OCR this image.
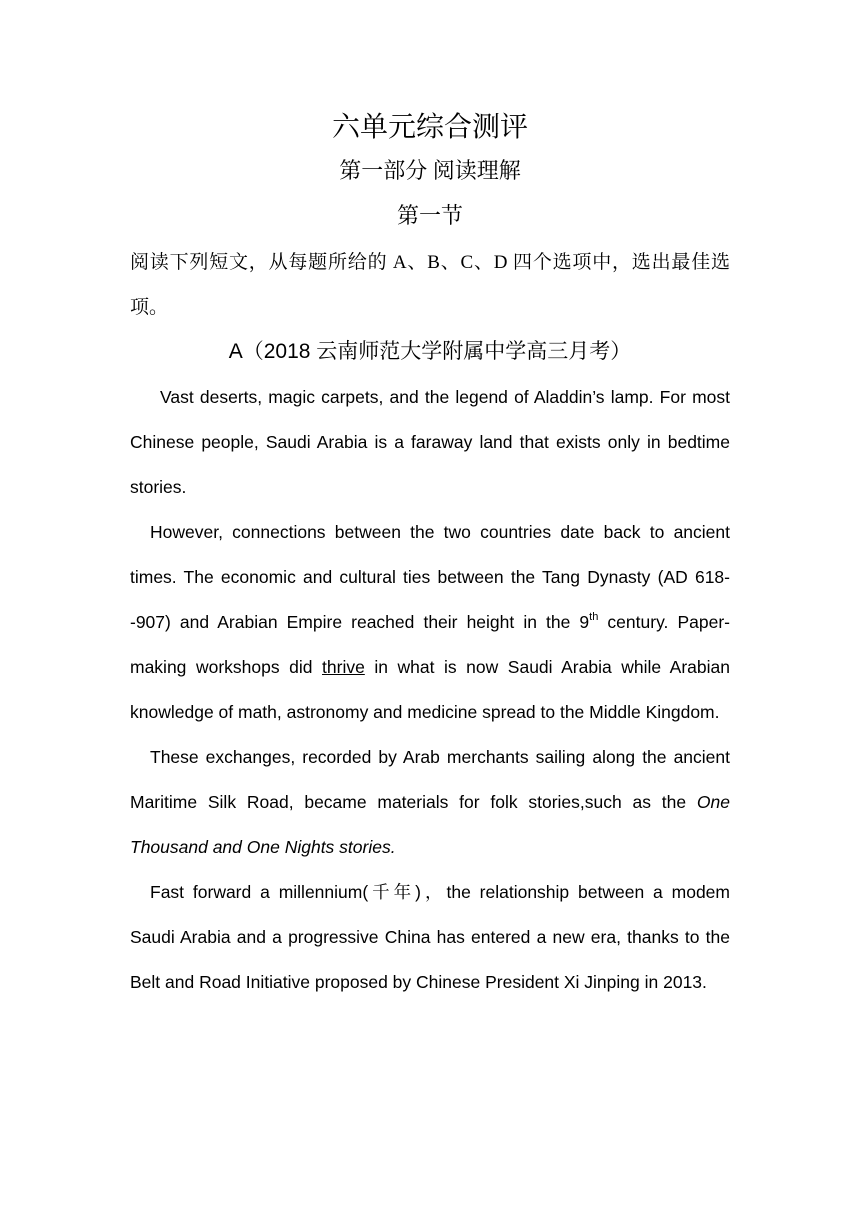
六单元综合测评
第一部分 阅读理解
第一节
阅读下列短文，从每题所给的 A、B、C、D 四个选项中，选出最佳选项。
A（2018 云南师范大学附属中学高三月考）

Vast deserts, magic carpets, and the legend of Aladdin’s lamp. For most Chinese people, Saudi Arabia is a faraway land that exists only in bedtime stories.

However, connections between the two countries date back to ancient times. The economic and cultural ties between the Tang Dynasty (AD 618--907) and Arabian Empire reached their height in the 9th century. Paper-making workshops did thrive in what is now Saudi Arabia while Arabian knowledge of math, astronomy and medicine spread to the Middle Kingdom.

These exchanges, recorded by Arab merchants sailing along the ancient Maritime Silk Road, became materials for folk stories,such as the One Thousand and One Nights stories.

Fast forward a millennium(千年)，the relationship between a modem Saudi Arabia and a progressive China has entered a new era, thanks to the Belt and Road Initiative proposed by Chinese President Xi Jinping in 2013.
